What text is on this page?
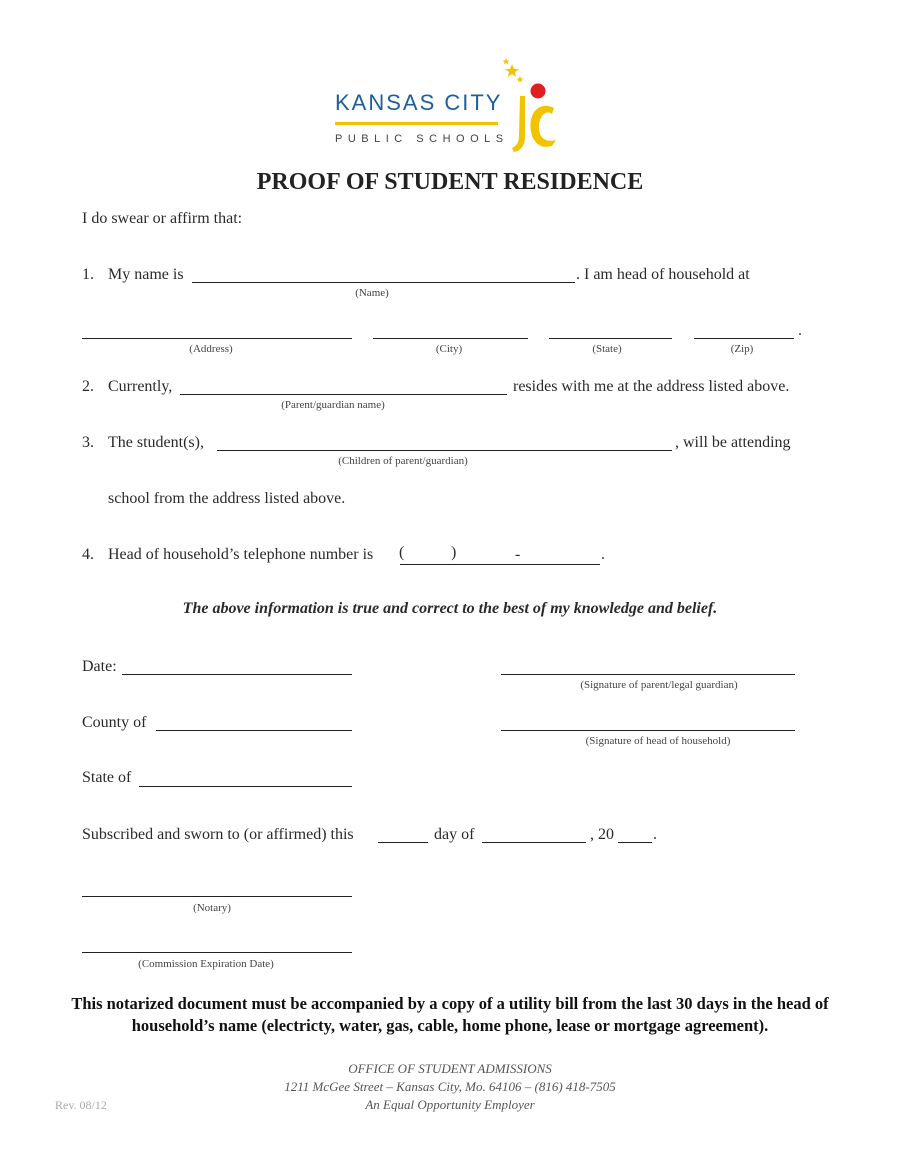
KANSAS CITY
PUBLIC SCHOOLS
PROOF OF STUDENT RESIDENCE
I do swear or affirm that:
1. My name is	. I am head of household at
(Name)
.
(Address)	(City)	(State)	(Zip)
2. Currently,	resides with me at the address listed above.
(Parent/guardian name)
3. The student(s),	, will be attending
(Children of parent/guardian)
school from the address listed above.
4. Head of household’s telephone number is (	)	-	.
The above information is true and correct to the best of my knowledge and belief.
Date:
County of
State of
(Signature of parent/legal guardian)
(Signature of head of household)
Subscribed and sworn to (or affirmed) this	day of	, 20 .
(Notary)
(Commission Expiration Date)
This notarized document must be accompanied by a copy of a utility bill from the last 30 days in the head of household’s name (electricty, water, gas, cable, home phone, lease or mortgage agreement).
OFFICE OF STUDENT ADMISSIONS
1211 McGee Street – Kansas City, Mo. 64106 – (816) 418-7505
An Equal Opportunity Employer
Rev. 08/12
